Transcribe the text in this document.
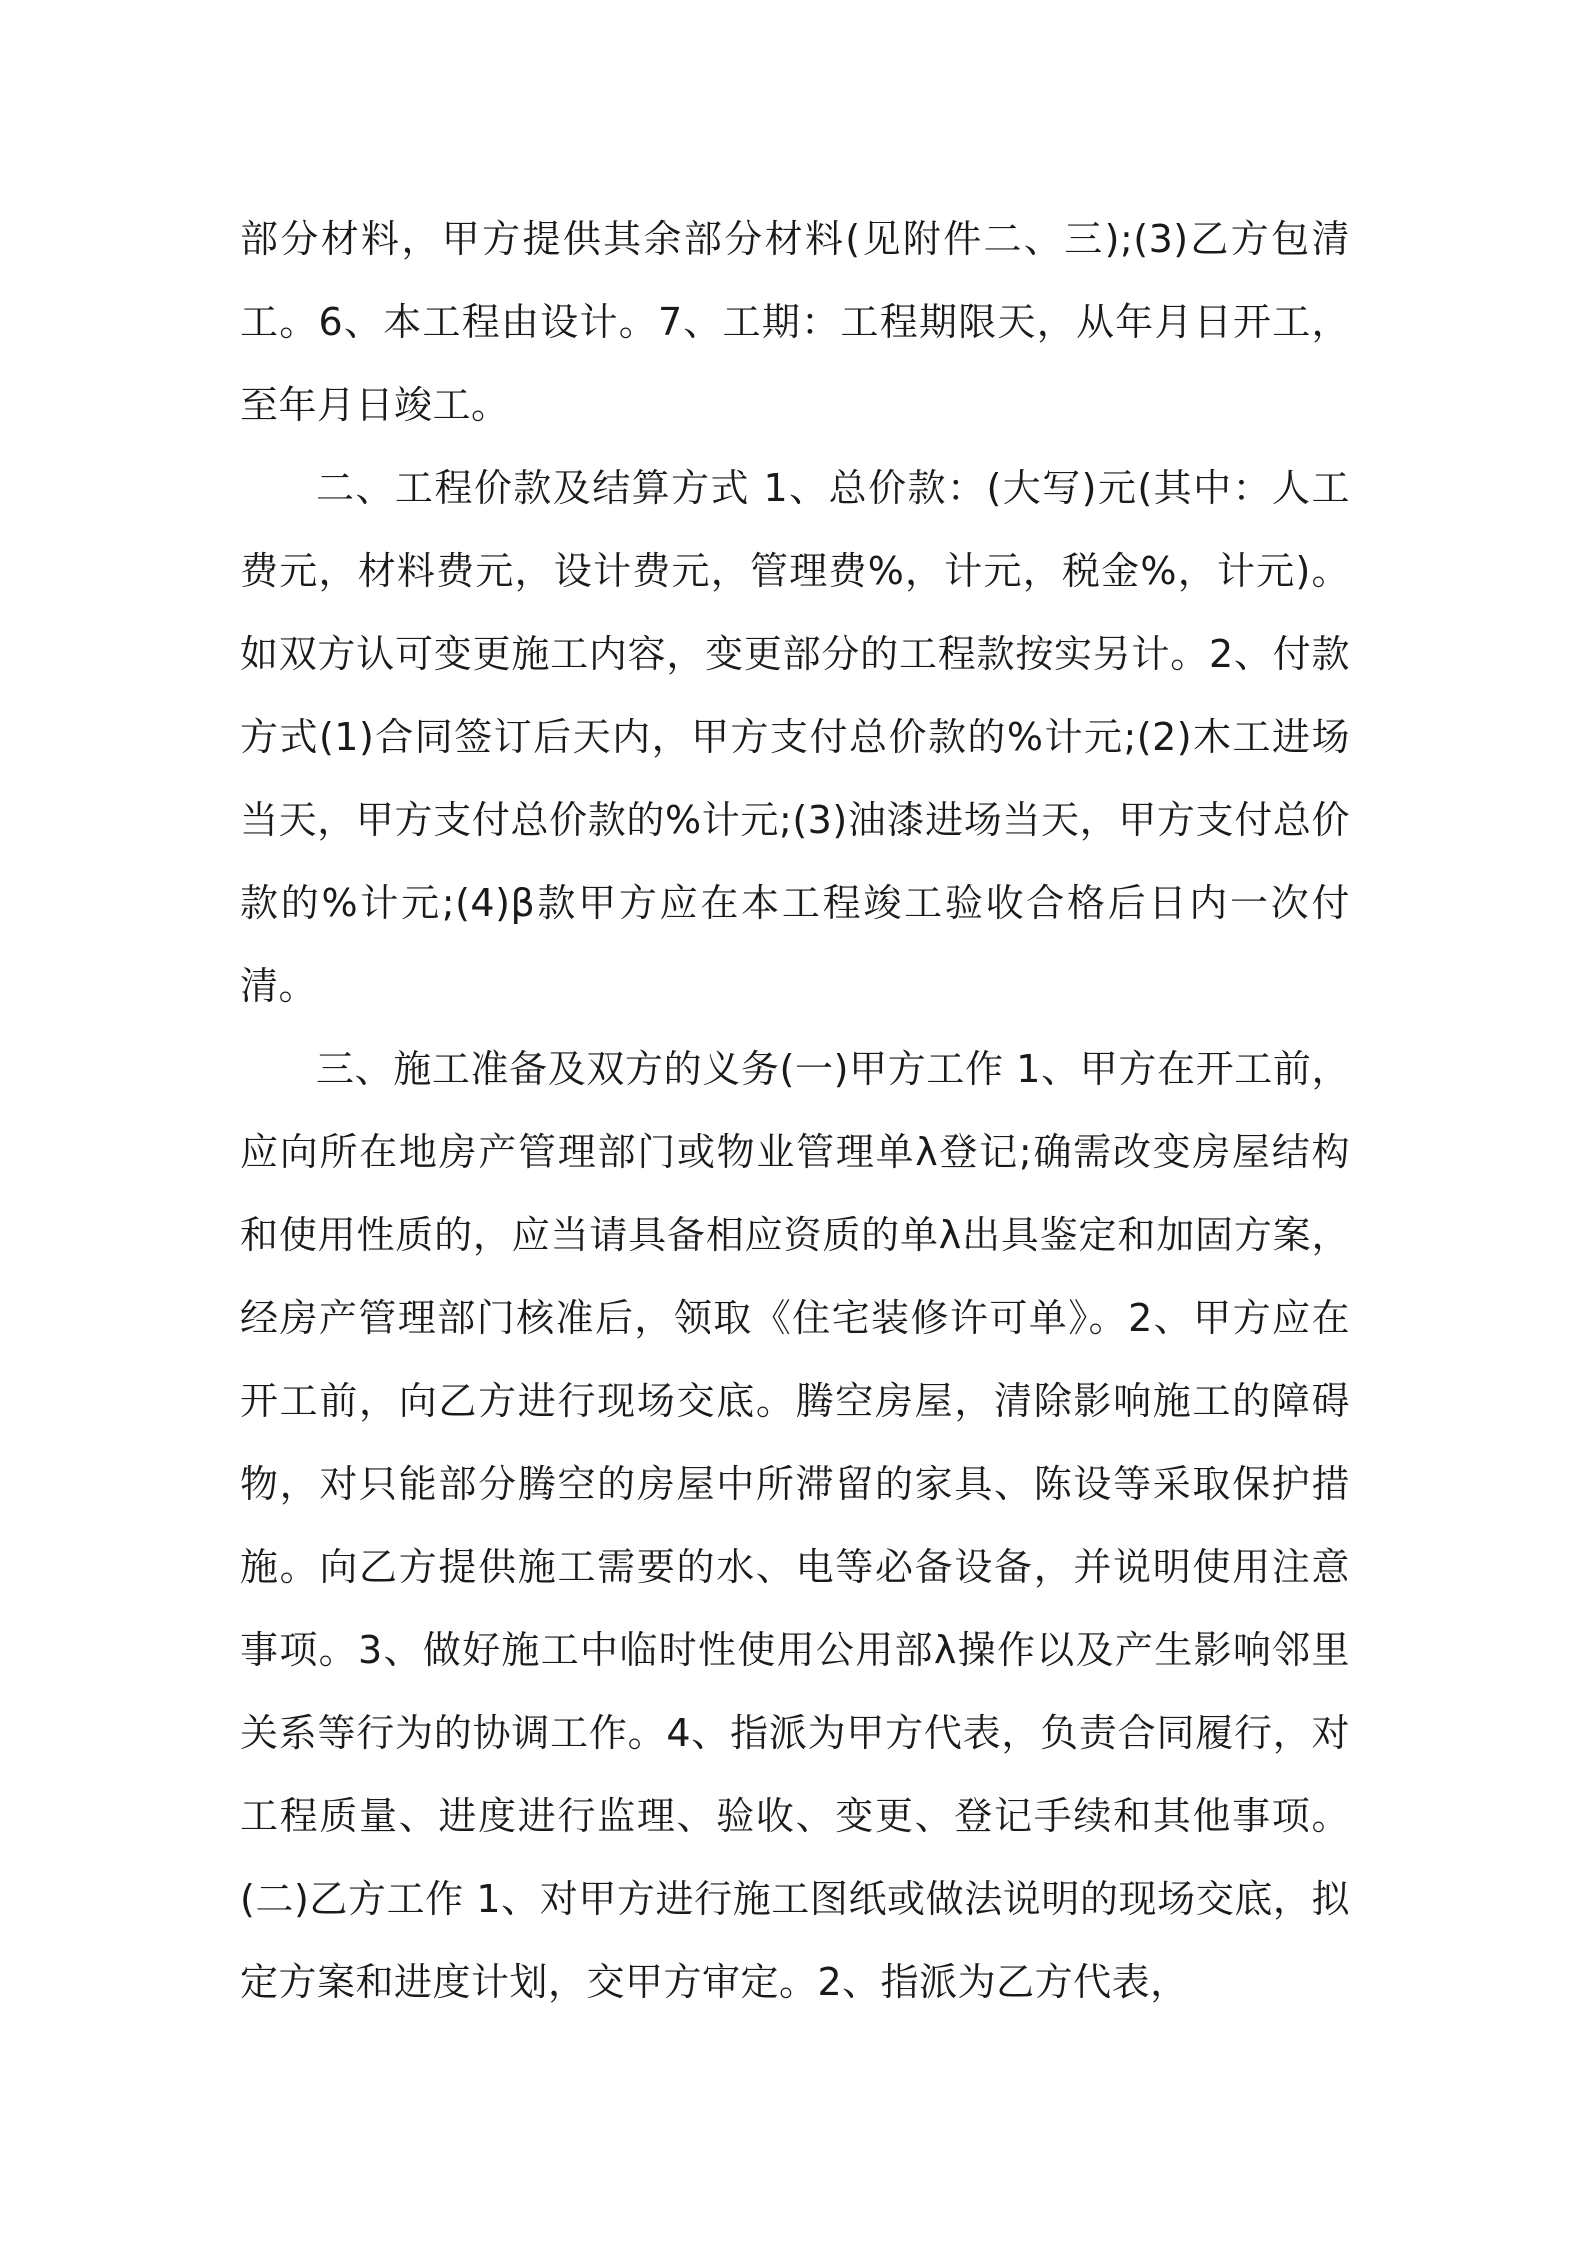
部分材料，甲方提供其余部分材料(见附件二、三);(3)乙方包清工。6、本工程由设计。7、工期：工程期限天，从年月日开工，至年月日竣工。

二、工程价款及结算方式 1、总价款：(大写)元(其中：人工费元，材料费元，设计费元，管理费%，计元，税金%，计元)。如双方认可变更施工内容，变更部分的工程款按实另计。2、付款方式(1)合同签订后天内，甲方支付总价款的%计元;(2)木工进场当天，甲方支付总价款的%计元;(3)油漆进场当天，甲方支付总价款的%计元;(4)β款甲方应在本工程竣工验收合格后日内一次付清。

三、施工准备及双方的义务(一)甲方工作 1、甲方在开工前，应向所在地房产管理部门或物业管理单λ登记;确需改变房屋结构和使用性质的，应当请具备相应资质的单λ出具鉴定和加固方案，经房产管理部门核准后，领取《住宅装修许可单》。2、甲方应在开工前，向乙方进行现场交底。腾空房屋，清除影响施工的障碍物，对只能部分腾空的房屋中所滞留的家具、陈设等采取保护措施。向乙方提供施工需要的水、电等必备设备，并说明使用注意事项。3、做好施工中临时性使用公用部λ操作以及产生影响邻里关系等行为的协调工作。4、指派为甲方代表，负责合同履行，对工程质量、进度进行监理、验收、变更、登记手续和其他事项。(二)乙方工作 1、对甲方进行施工图纸或做法说明的现场交底，拟定方案和进度计划，交甲方审定。2、指派为乙方代表，
